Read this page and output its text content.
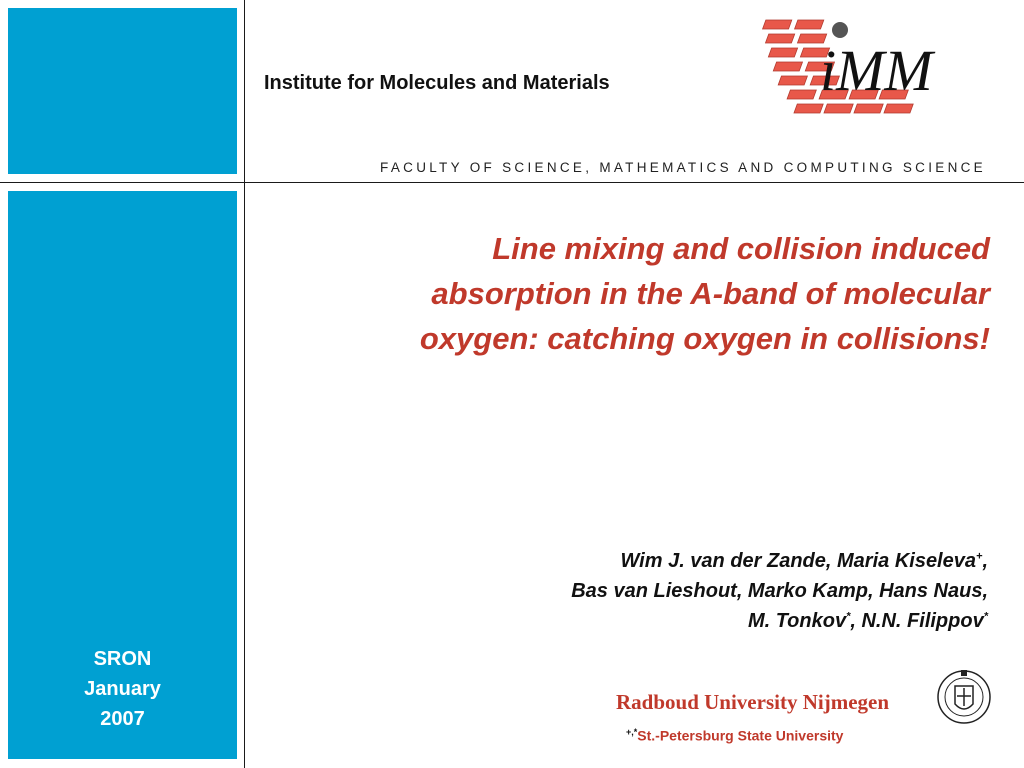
Institute for Molecules and Materials
FACULTY OF SCIENCE, MATHEMATICS AND COMPUTING SCIENCE
iMM
Line mixing and collision induced
absorption in the A-band of molecular
oxygen: catching oxygen in collisions!
Wim J. van der Zande, Maria Kiseleva+,
Bas van Lieshout, Marko Kamp, Hans Naus,
M. Tonkov*, N.N. Filippov*
SRON
January
2007
Radboud University Nijmegen
+,*St.-Petersburg State University
